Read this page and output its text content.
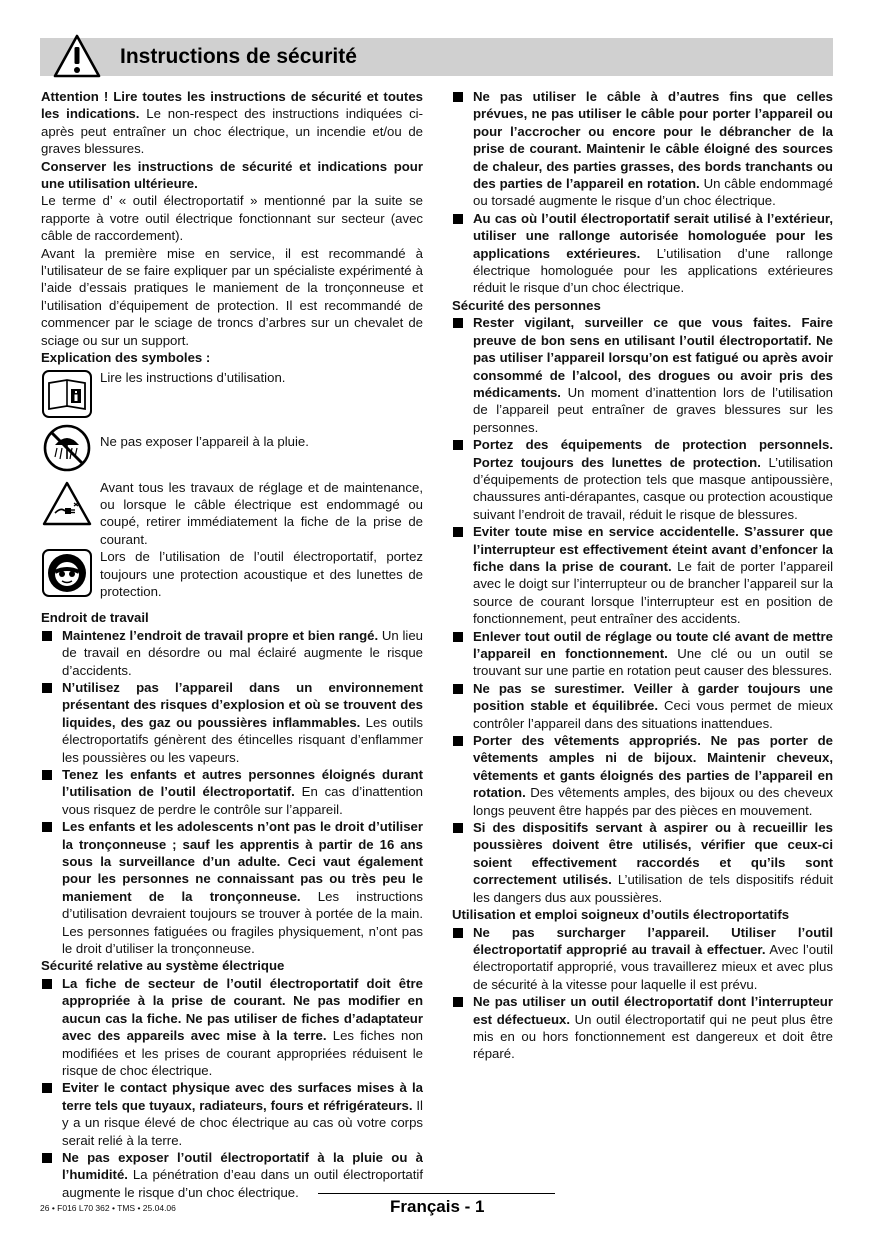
Instructions de sécurité

Attention ! Lire toutes les instructions de sécurité et toutes les indications. Le non-respect des instructions indiquées ci-après peut entraîner un choc électrique, un incendie et/ou de graves blessures.

Conserver les instructions de sécurité et indications pour une utilisation ultérieure.

Le terme d’ « outil électroportatif » mentionné par la suite se rapporte à votre outil électrique fonctionnant sur secteur (avec câble de raccordement).

Avant la première mise en service, il est recommandé à l’utilisateur de se faire expliquer par un spécialiste expérimenté à l’aide d’essais pratiques le maniement de la tronçonneuse et l’utilisation d’équipement de protection. Il est recommandé de commencer par le sciage de troncs d’arbres sur un chevalet de sciage ou sur un support.

Explication des symboles :

Lire les instructions d’utilisation.
Ne pas exposer l’appareil à la pluie.
Avant tous les travaux de réglage et de maintenance, ou lorsque le câble électrique est endommagé ou coupé, retirer immédiatement la fiche de la prise de courant.
Lors de l’utilisation de l’outil électroportatif, portez toujours une protection acoustique et des lunettes de protection.

Endroit de travail

Maintenez l’endroit de travail propre et bien rangé. Un lieu de travail en désordre ou mal éclairé augmente le risque d’accidents.

N’utilisez pas l’appareil dans un environnement présentant des risques d’explosion et où se trouvent des liquides, des gaz ou poussières inflammables. Les outils électroportatifs génèrent des étincelles risquant d’enflammer les poussières ou les vapeurs.

Tenez les enfants et autres personnes éloignés durant l’utilisation de l’outil électroportatif. En cas d’inattention vous risquez de perdre le contrôle sur l’appareil.

Les enfants et les adolescents n’ont pas le droit d’utiliser la tronçonneuse ; sauf les apprentis à partir de 16 ans sous la surveillance d’un adulte. Ceci vaut également pour les personnes ne connaissant pas ou très peu le maniement de la tronçonneuse. Les instructions d’utilisation devraient toujours se trouver à portée de la main. Les personnes fatiguées ou fragiles physiquement, n’ont pas le droit d’utiliser la tronçonneuse.

Sécurité relative au système électrique

La fiche de secteur de l’outil électroportatif doit être appropriée à la prise de courant. Ne pas modifier en aucun cas la fiche. Ne pas utiliser de fiches d’adaptateur avec des appareils avec mise à la terre. Les fiches non modifiées et les prises de courant appropriées réduisent le risque de choc électrique.

Eviter le contact physique avec des surfaces mises à la terre tels que tuyaux, radiateurs, fours et réfrigérateurs. Il y a un risque élevé de choc électrique au cas où votre corps serait relié à la terre.

Ne pas exposer l’outil électroportatif à la pluie ou à l’humidité. La pénétration d’eau dans un outil électroportatif augmente le risque d’un choc électrique.

Ne pas utiliser le câble à d’autres fins que celles prévues, ne pas utiliser le câble pour porter l’appareil ou pour l’accrocher ou encore pour le débrancher de la prise de courant. Maintenir le câble éloigné des sources de chaleur, des parties grasses, des bords tranchants ou des parties de l’appareil en rotation. Un câble endommagé ou torsadé augmente le risque d’un choc électrique.

Au cas où l’outil électroportatif serait utilisé à l’extérieur, utiliser une rallonge autorisée homologuée pour les applications extérieures. L’utilisation d’une rallonge électrique homologuée pour les applications extérieures réduit le risque d’un choc électrique.

Sécurité des personnes

Rester vigilant, surveiller ce que vous faites. Faire preuve de bon sens en utilisant l’outil électroportatif. Ne pas utiliser l’appareil lorsqu’on est fatigué ou après avoir consommé de l’alcool, des drogues ou avoir pris des médicaments. Un moment d’inattention lors de l’utilisation de l’appareil peut entraîner de graves blessures sur les personnes.

Portez des équipements de protection personnels. Portez toujours des lunettes de protection. L’utilisation d’équipements de protection tels que masque antipoussière, chaussures anti-dérapantes, casque ou protection acoustique suivant l’endroit de travail, réduit le risque de blessures.

Eviter toute mise en service accidentelle. S’assurer que l’interrupteur est effectivement éteint avant d’enfoncer la fiche dans la prise de courant. Le fait de porter l’appareil avec le doigt sur l’interrupteur ou de brancher l’appareil sur la source de courant lorsque l’interrupteur est en position de fonctionnement, peut entraîner des accidents.

Enlever tout outil de réglage ou toute clé avant de mettre l’appareil en fonctionnement. Une clé ou un outil se trouvant sur une partie en rotation peut causer des blessures.

Ne pas se surestimer. Veiller à garder toujours une position stable et équilibrée. Ceci vous permet de mieux contrôler l’appareil dans des situations inattendues.

Porter des vêtements appropriés. Ne pas porter de vêtements amples ni de bijoux. Maintenir cheveux, vêtements et gants éloignés des parties de l’appareil en rotation. Des vêtements amples, des bijoux ou des cheveux longs peuvent être happés par des pièces en mouvement.

Si des dispositifs servant à aspirer ou à recueillir les poussières doivent être utilisés, vérifier que ceux-ci soient effectivement raccordés et qu’ils sont correctement utilisés. L’utilisation de tels dispositifs réduit les dangers dus aux poussières.

Utilisation et emploi soigneux d’outils électroportatifs

Ne pas surcharger l’appareil. Utiliser l’outil électroportatif approprié au travail à effectuer. Avec l’outil électroportatif approprié, vous travaillerez mieux et avec plus de sécurité à la vitesse pour laquelle il est prévu.

Ne pas utiliser un outil électroportatif dont l’interrupteur est défectueux. Un outil électroportatif qui ne peut plus être mis en ou hors fonctionnement est dangereux et doit être réparé.

26 • F016 L70 362 • TMS • 25.04.06	Français - 1
